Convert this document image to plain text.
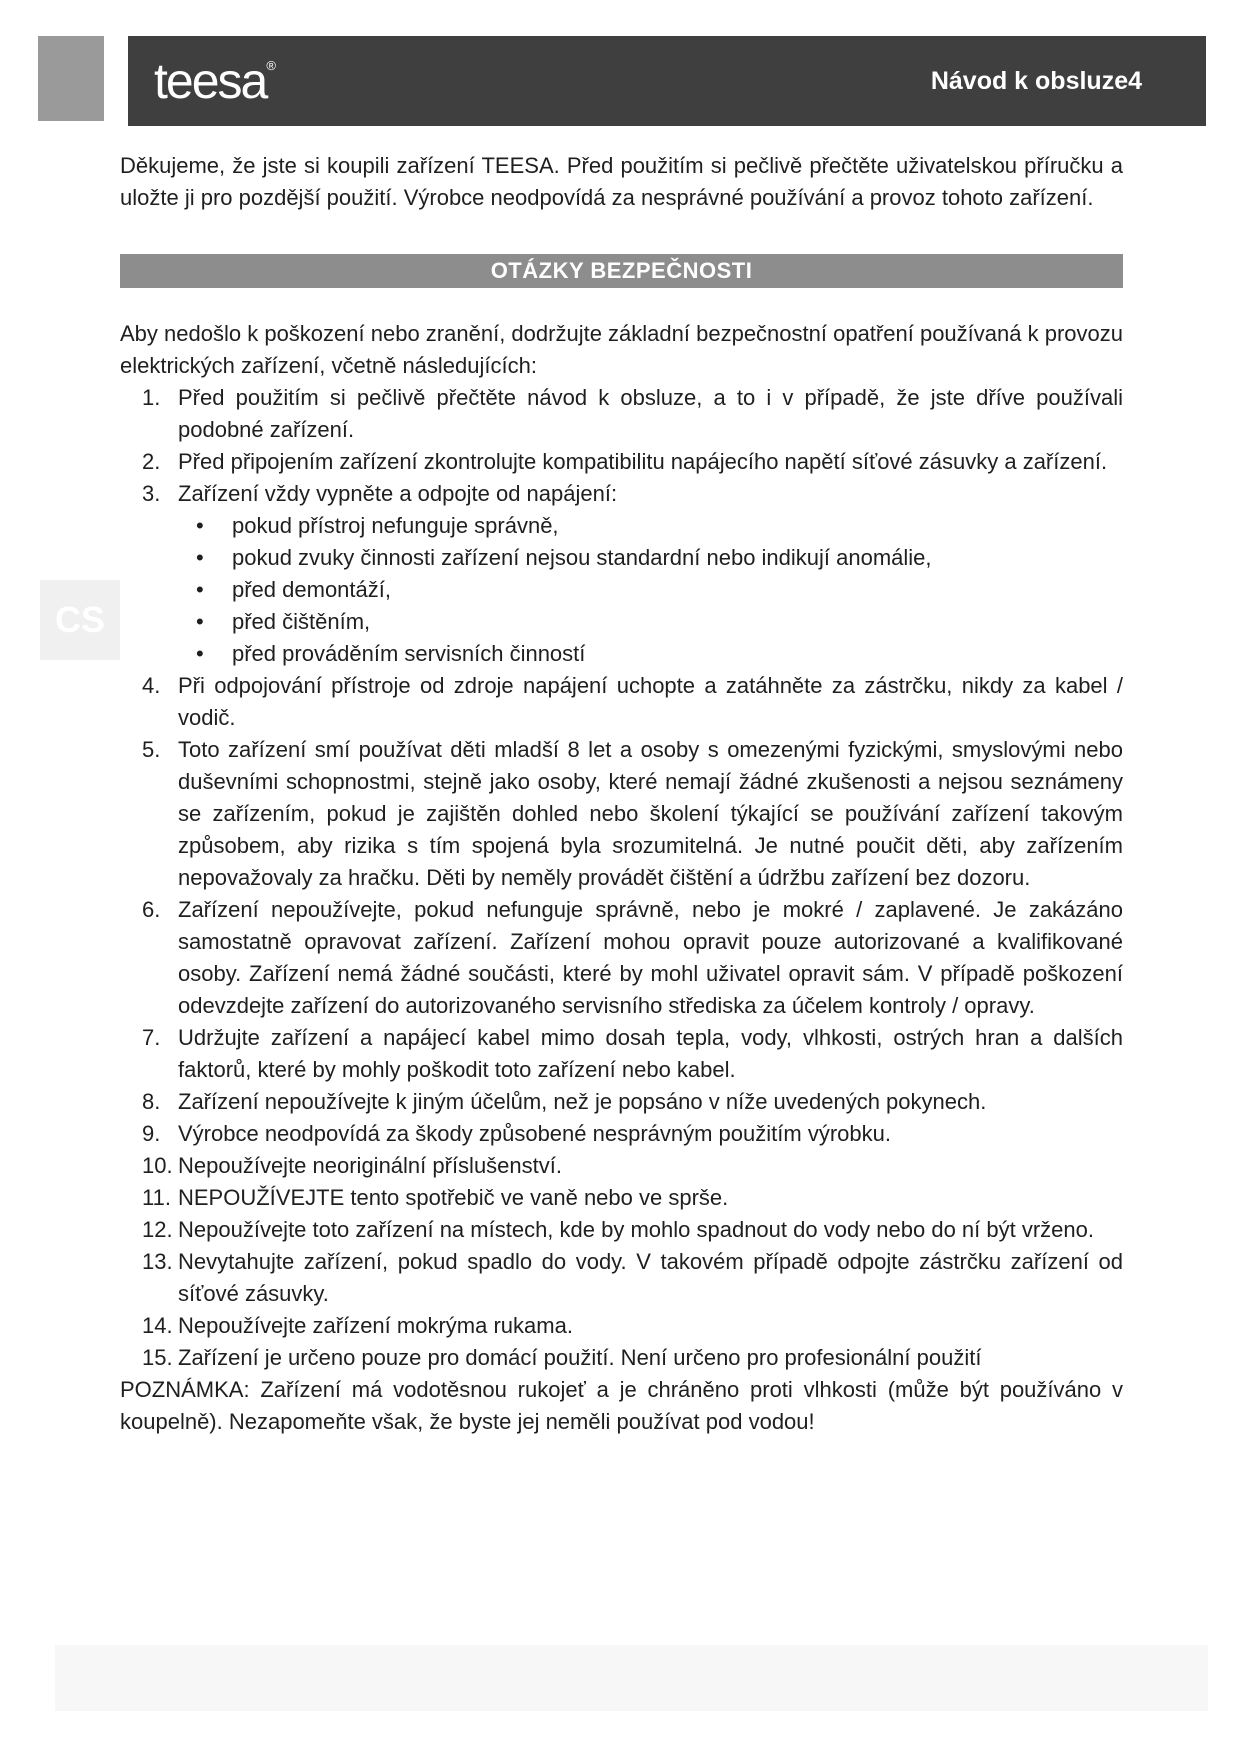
teesa®
Návod k obsluze4

Děkujeme, že jste si koupili zařízení TEESA. Před použitím si pečlivě přečtěte uživatelskou příručku a uložte ji pro pozdější použití. Výrobce neodpovídá za nesprávné používání a provoz tohoto zařízení.

OTÁZKY BEZPEČNOSTI

Aby nedošlo k poškození nebo zranění, dodržujte základní bezpečnostní opatření používaná k provozu elektrických zařízení, včetně následujících:

1. Před použitím si pečlivě přečtěte návod k obsluze, a to i v případě, že jste dříve používali podobné zařízení.
2. Před připojením zařízení zkontrolujte kompatibilitu napájecího napětí síťové zásuvky a zařízení.
3. Zařízení vždy vypněte a odpojte od napájení:
• pokud přístroj nefunguje správně,
• pokud zvuky činnosti zařízení nejsou standardní nebo indikují anomálie,
• před demontáží,
• před čištěním,
• před prováděním servisních činností
4. Při odpojování přístroje od zdroje napájení uchopte a zatáhněte za zástrčku, nikdy za kabel / vodič.
5. Toto zařízení smí používat děti mladší 8 let a osoby s omezenými fyzickými, smyslovými nebo duševními schopnostmi, stejně jako osoby, které nemají žádné zkušenosti a nejsou seznámeny se zařízením, pokud je zajištěn dohled nebo školení týkající se používání zařízení takovým způsobem, aby rizika s tím spojená byla srozumitelná. Je nutné poučit děti, aby zařízením nepovažovaly za hračku. Děti by neměly provádět čištění a údržbu zařízení bez dozoru.
6. Zařízení nepoužívejte, pokud nefunguje správně, nebo je mokré / zaplavené. Je zakázáno samostatně opravovat zařízení. Zařízení mohou opravit pouze autorizované a kvalifikované osoby. Zařízení nemá žádné součásti, které by mohl uživatel opravit sám. V případě poškození odevzdejte zařízení do autorizovaného servisního střediska za účelem kontroly / opravy.
7. Udržujte zařízení a napájecí kabel mimo dosah tepla, vody, vlhkosti, ostrých hran a dalších faktorů, které by mohly poškodit toto zařízení nebo kabel.
8. Zařízení nepoužívejte k jiným účelům, než je popsáno v níže uvedených pokynech.
9. Výrobce neodpovídá za škody způsobené nesprávným použitím výrobku.
10. Nepoužívejte neoriginální příslušenství.
11. NEPOUŽÍVEJTE tento spotřebič ve vaně nebo ve sprše.
12. Nepoužívejte toto zařízení na místech, kde by mohlo spadnout do vody nebo do ní být vrženo.
13. Nevytahujte zařízení, pokud spadlo do vody. V takovém případě odpojte zástrčku zařízení od síťové zásuvky.
14. Nepoužívejte zařízení mokrýma rukama.
15. Zařízení je určeno pouze pro domácí použití. Není určeno pro profesionální použití

POZNÁMKA: Zařízení má vodotěsnou rukojeť a je chráněno proti vlhkosti (může být používáno v koupelně). Nezapomeňte však, že byste jej neměli používat pod vodou!

CS
